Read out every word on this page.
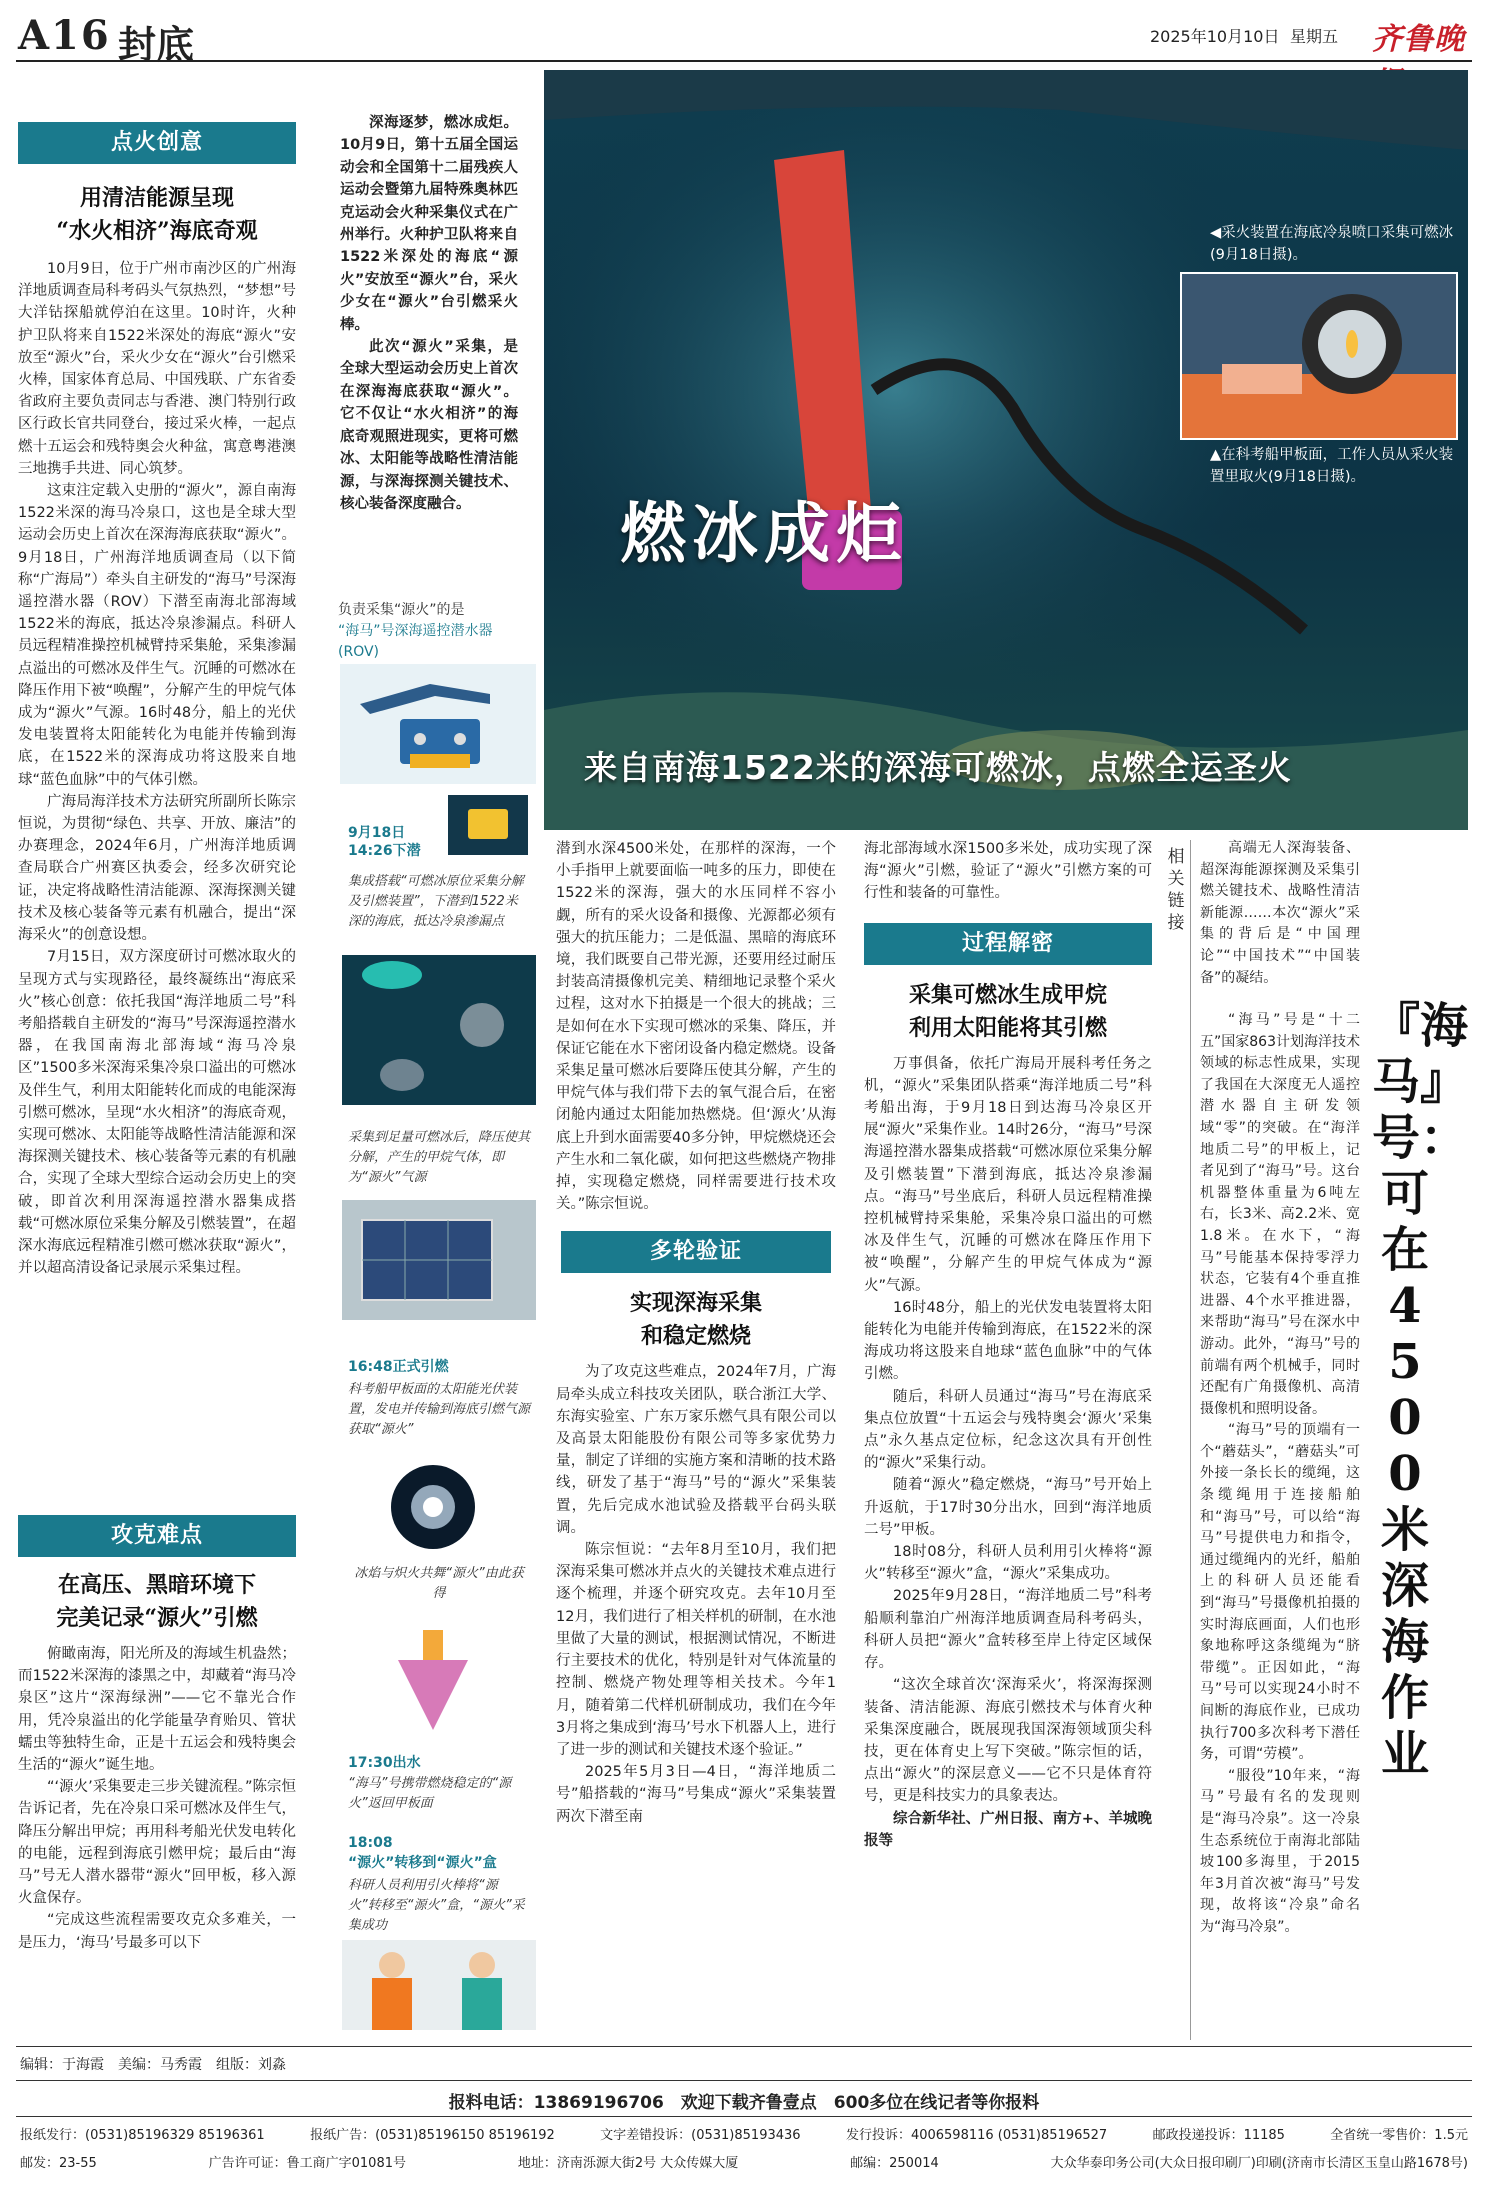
A16 封底	2025年10月10日 星期五 齐鲁晚
点火创意
用清洁能源呈现
“水火相济”海底奇观

10月9日，位于广州市南沙区的广州海洋地质调查局科考码头气氛热烈，“梦想”号大洋钻探船就停泊在这里。10时许，火种护卫队将来自1522米深处的海底“源火”安放至“源火”台，采火少女在“源火”台引燃采火棒，国家体育总局、中国残联、广东省委省政府主要负责同志与香港、澳门特别行政区行政长官共同登台，接过采火棒，一起点燃十五运会和残特奥会火种盆，寓意粤港澳三地携手共进、同心筑梦。

这束注定载入史册的“源火”，源自南海1522米深的海马冷泉口，这也是全球大型运动会历史上首次在深海海底获取“源火”。9月18日，广州海洋地质调查局（以下简称“广海局”）牵头自主研发的“海马”号深海遥控潜水器（ROV）下潜至南海北部海域1522米的海底，抵达冷泉渗漏点。科研人员远程精准操控机械臂持采集舱，采集渗漏点溢出的可燃冰及伴生气。沉睡的可燃冰在降压作用下被“唤醒”，分解产生的甲烷气体成为“源火”气源。16时48分，船上的光伏发电装置将太阳能转化为电能并传输到海底，在1522米的深海成功将这股来自地球“蓝色血脉”中的气体引燃。

广海局海洋技术方法研究所副所长陈宗恒说，为贯彻“绿色、共享、开放、廉洁”的办赛理念，2024年6月，广州海洋地质调查局联合广州赛区执委会，经多次研究论证，决定将战略性清洁能源、深海探测关键技术及核心装备等元素有机融合，提出“深海采火”的创意设想。

7月15日，双方深度研讨可燃冰取火的呈现方式与实现路径，最终凝练出“海底采火”核心创意：依托我国“海洋地质二号”科考船搭载自主研发的“海马”号深海遥控潜水器，在我国南海北部海域“海马冷泉区”1500多米深海采集冷泉口溢出的可燃冰及伴生气，利用太阳能转化而成的电能深海引燃可燃冰，呈现“水火相济”的海底奇观，实现可燃冰、太阳能等战略性清洁能源和深海探测关键技术、核心装备等元素的有机融合，实现了全球大型综合运动会历史上的突破，即首次利用深海遥控潜水器集成搭载“可燃冰原位采集分解及引燃装置”，在超深水海底远程精准引燃可燃冰获取“源火”，并以超高清设备记录展示采集过程。

攻克难点
在高压、黑暗环境下
完美记录“源火”引燃

俯瞰南海，阳光所及的海域生机盎然；而1522米深海的漆黑之中，却藏着“海马冷泉区”这片“深海绿洲”——它不靠光合作用，凭冷泉溢出的化学能量孕育贻贝、管状蠕虫等独特生命，正是十五运会和残特奥会生活的“源火”诞生地。

“‘源火’采集要走三步关键流程。”陈宗恒告诉记者，先在冷泉口采可燃冰及伴生气，降压分解出甲烷；再用科考船光伏发电转化的电能，远程到海底引燃甲烷；最后由“海马”号无人潜水器带“源火”回甲板，移入源火盒保存。

“完成这些流程需要攻克众多难关，一是压力，‘海马’号最多可以下

深海逐梦，燃冰成炬。10月9日，第十五届全国运动会和全国第十二届残疾人运动会暨第九届特殊奥林匹克运动会火种采集仪式在广州举行。火种护卫队将来自1522米深处的海底“源火”安放至“源火”台，采火少女在“源火”台引燃采火棒。

此次“源火”采集，是全球大型运动会历史上首次在深海海底获取“源火”。它不仅让“水火相济”的海底奇观照进现实，更将可燃冰、太阳能等战略性清洁能源，与深海探测关键技术、核心装备深度融合。

负责采集“源火”的是
“海马”号深海遥控潜水器
(ROV)
9月18日
14:26下潜
集成搭载“可燃冰原位采集分解及引燃装置”，下潜到1522米深的海底，抵达冷泉渗漏点
采集到足量可燃冰后，降压使其分解，产生的甲烷气体，即为“源火”气源
16:48正式引燃
科考船甲板面的太阳能光伏装置，发电并传输到海底引燃气源获取“源火”
冰焰与炽火共舞“源火”由此获得
17:30出水
“海马”号携带燃烧稳定的“源火”返回甲板面
18:08
“源火”转移到“源火”盒
科研人员利用引火棒将“源火”转移至“源火”盒，“源火”采集成功
◀采火装置在海底冷泉喷口采集可燃冰(9月18日摄)。
▲在科考船甲板面，工作人员从采火装置里取火(9月18日摄)。
燃冰成炬
来自南海1522米的深海可燃冰，点燃全运圣火

潜到水深4500米处，在那样的深海，一个小手指甲上就要面临一吨多的压力，即使在1522米的深海，强大的水压同样不容小觑，所有的采火设备和摄像、光源都必须有强大的抗压能力；二是低温、黑暗的海底环境，我们既要自己带光源，还要用经过耐压封装高清摄像机完美、精细地记录整个采火过程，这对水下拍摄是一个很大的挑战；三是如何在水下实现可燃冰的采集、降压，并保证它能在水下密闭设备内稳定燃烧。设备采集足量可燃冰后要降压使其分解，产生的甲烷气体与我们带下去的氧气混合后，在密闭舱内通过太阳能加热燃烧。但‘源火’从海底上升到水面需要40多分钟，甲烷燃烧还会产生水和二氧化碳，如何把这些燃烧产物排掉，实现稳定燃烧，同样需要进行技术攻关。”陈宗恒说。

多轮验证
实现深海采集
和稳定燃烧

为了攻克这些难点，2024年7月，广海局牵头成立科技攻关团队，联合浙江大学、东海实验室、广东万家乐燃气具有限公司以及高景太阳能股份有限公司等多家优势力量，制定了详细的实施方案和清晰的技术路线，研发了基于“海马”号的“源火”采集装置，先后完成水池试验及搭载平台码头联调。

陈宗恒说：“去年8月至10月，我们把深海采集可燃冰并点火的关键技术难点进行逐个梳理，并逐个研究攻克。去年10月至12月，我们进行了相关样机的研制，在水池里做了大量的测试，根据测试情况，不断进行主要技术的优化，特别是针对气体流量的控制、燃烧产物处理等相关技术。今年1月，随着第二代样机研制成功，我们在今年3月将之集成到‘海马’号水下机器人上，进行了进一步的测试和关键技术逐个验证。”

2025年5月3日—4日，“海洋地质二号”船搭载的“海马”号集成“源火”采集装置两次下潜至南

海北部海域水深1500多米处，成功实现了深海“源火”引燃，验证了“源火”引燃方案的可行性和装备的可靠性。

过程解密
采集可燃冰生成甲烷
利用太阳能将其引燃

万事俱备，依托广海局开展科考任务之机，“源火”采集团队搭乘“海洋地质二号”科考船出海，于9月18日到达海马冷泉区开展“源火”采集作业。14时26分，“海马”号深海遥控潜水器集成搭载“可燃冰原位采集分解及引燃装置”下潜到海底，抵达冷泉渗漏点。“海马”号坐底后，科研人员远程精准操控机械臂持采集舱，采集冷泉口溢出的可燃冰及伴生气，沉睡的可燃冰在降压作用下被“唤醒”，分解产生的甲烷气体成为“源火”气源。

16时48分，船上的光伏发电装置将太阳能转化为电能并传输到海底，在1522米的深海成功将这股来自地球“蓝色血脉”中的气体引燃。

随后，科研人员通过“海马”号在海底采集点位放置“十五运会与残特奥会‘源火’采集点”永久基点定位标，纪念这次具有开创性的“源火”采集行动。

随着“源火”稳定燃烧，“海马”号开始上升返航，于17时30分出水，回到“海洋地质二号”甲板。

18时08分，科研人员利用引火棒将“源火”转移至“源火”盒，“源火”采集成功。

2025年9月28日，“海洋地质二号”科考船顺利靠泊广州海洋地质调查局科考码头，科研人员把“源火”盒转移至岸上待定区域保存。

“这次全球首次‘深海采火’，将深海探测装备、清洁能源、海底引燃技术与体育火种采集深度融合，既展现我国深海领域顶尖科技，更在体育史上写下突破。”陈宗恒的话，点出“源火”的深层意义——它不只是体育符号，更是科技实力的具象表达。

综合新华社、广州日报、南方+、羊城晚报等

相关链接
『海马』号：可在4500米深海作业

高端无人深海装备、超深海能源探测及采集引燃关键技术、战略性清洁新能源……本次“源火”采集的背后是“中国理论”“中国技术”“中国装备”的凝结。

“海马”号是“十二五”国家863计划海洋技术领域的标志性成果，实现了我国在大深度无人遥控潜水器自主研发领域“零”的突破。在“海洋地质二号”的甲板上，记者见到了“海马”号。这台机器整体重量为6吨左右，长3米、高2.2米、宽1.8米。在水下，“海马”号能基本保持零浮力状态，它装有4个垂直推进器、4个水平推进器，来帮助“海马”号在深水中游动。此外，“海马”号的前端有两个机械手，同时还配有广角摄像机、高清摄像机和照明设备。

“海马”号的顶端有一个“蘑菇头”，“蘑菇头”可外接一条长长的缆绳，这条缆绳用于连接船舶和“海马”号，可以给“海马”号提供电力和指令，通过缆绳内的光纤，船舶上的科研人员还能看到“海马”号摄像机拍摄的实时海底画面，人们也形象地称呼这条缆绳为“脐带缆”。正因如此，“海马”号可以实现24小时不间断的海底作业，已成功执行700多次科考下潜任务，可谓“劳模”。

“服役”10年来，“海马”号最有名的发现则是“海马冷泉”。这一冷泉生态系统位于南海北部陆坡100多海里，于2015年3月首次被“海马”号发现，故将该“冷泉”命名为“海马冷泉”。

编辑：于海霞　美编：马秀霞　组版：刘淼
报料电话：13869196706　欢迎下载齐鲁壹点　600多位在线记者等你报料
报纸发行：(0531)85196329 85196361	报纸广告：(0531)85196150 85196192	文字差错投诉：(0531)85193436	发行投诉：4006598116 (0531)85196527	邮政投递投诉：11185	全省统一零售价：1.5元
邮发：23-55	广告许可证：鲁工商广字01081号	地址：济南泺源大街2号 大众传媒大厦	邮编：250014	大众华泰印务公司(大众日报印刷厂)印刷(济南市长清区玉皇山路1678号)
